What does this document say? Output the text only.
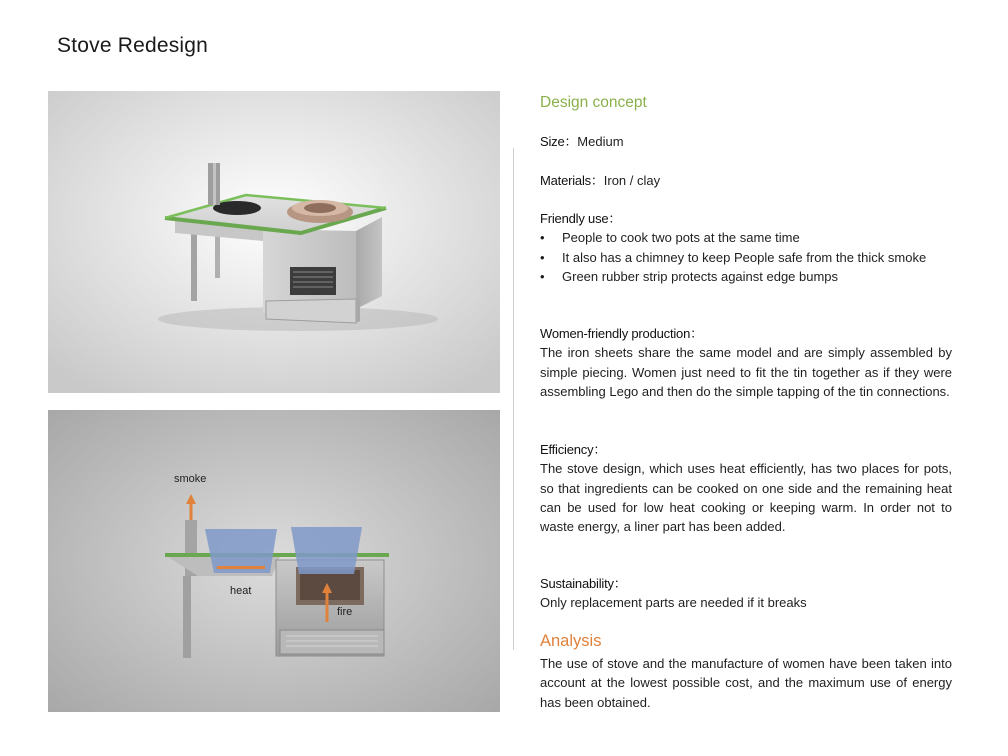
Stove Redesign
smoke
heat
fire
Design concept
Size：Medium
Materials：Iron / clay
Friendly use：
• People to cook two pots at the same time
• It also has a chimney to keep People safe from the thick smoke
• Green rubber strip protects against edge bumps
Women-friendly production：

The iron sheets share the same model and are simply assembled by simple piecing. Women just need to fit the tin together as if they were assembling Lego and then do the simple tapping of the tin connections.

Efficiency：

The stove design, which uses heat efficiently, has two places for pots, so that ingredients can be cooked on one side and the remaining heat can be used for low heat cooking or keeping warm. In order not to waste energy, a liner part has been added.

Sustainability：

Only replacement parts are needed if it breaks

Analysis

The use of stove and the manufacture of women have been taken into account at the lowest possible cost, and the maximum use of energy has been obtained.
